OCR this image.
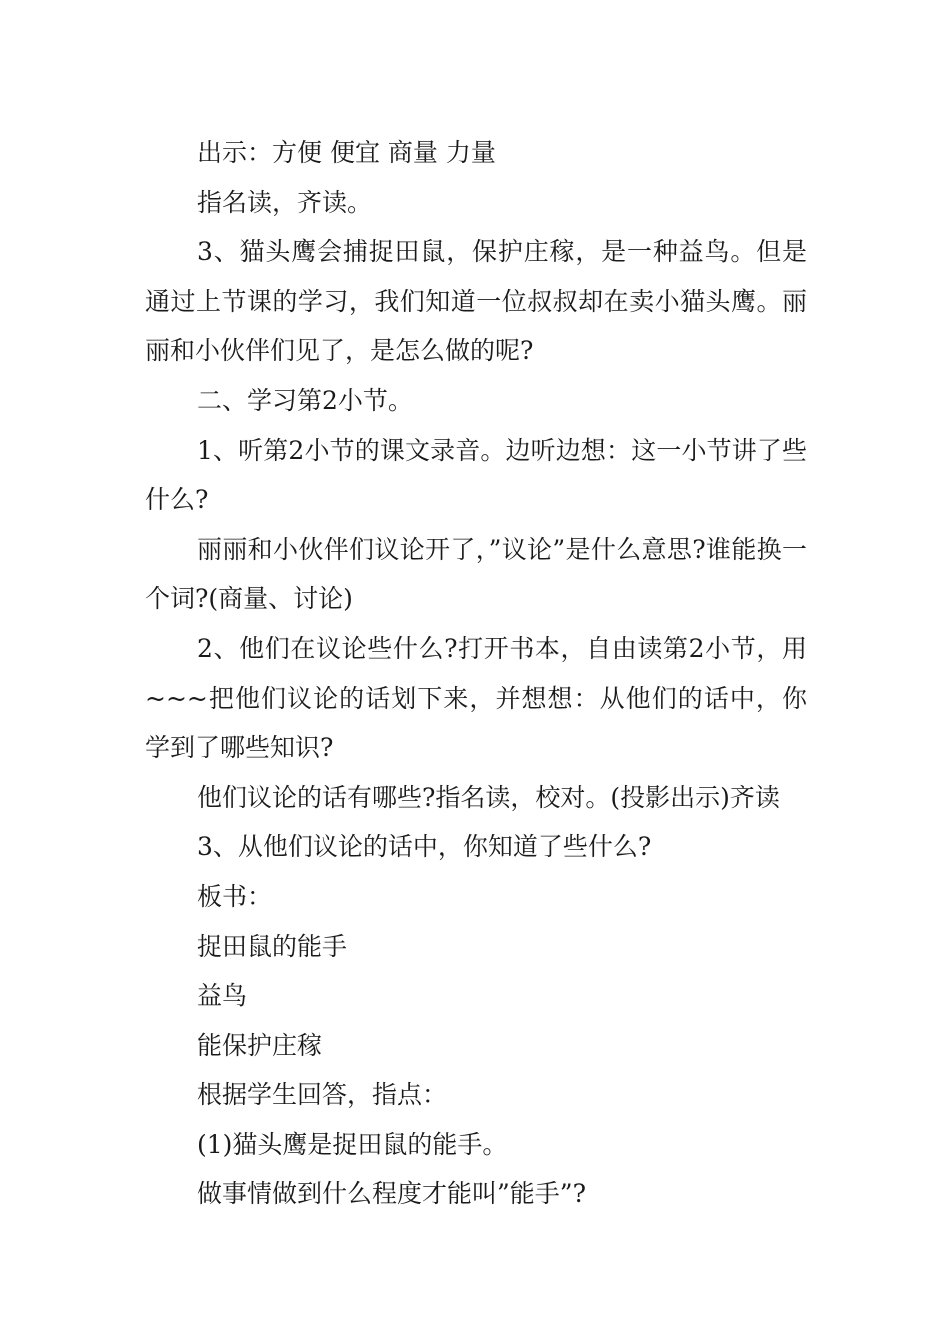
出示：方便 便宜 商量 力量

指名读，齐读。

3、猫头鹰会捕捉田鼠，保护庄稼，是一种益鸟。但是通过上节课的学习，我们知道一位叔叔却在卖小猫头鹰。丽丽和小伙伴们见了，是怎么做的呢?

二、学习第2小节。

1、听第2小节的课文录音。边听边想：这一小节讲了些什么?

丽丽和小伙伴们议论开了，”议论”是什么意思?谁能换一个词?(商量、讨论)

2、他们在议论些什么?打开书本，自由读第2小节，用~~~把他们议论的话划下来，并想想：从他们的话中，你学到了哪些知识?

他们议论的话有哪些?指名读，校对。(投影出示)齐读

3、从他们议论的话中，你知道了些什么?

板书：

捉田鼠的能手

益鸟

能保护庄稼

根据学生回答，指点：

(1)猫头鹰是捉田鼠的能手。

做事情做到什么程度才能叫”能手”?
